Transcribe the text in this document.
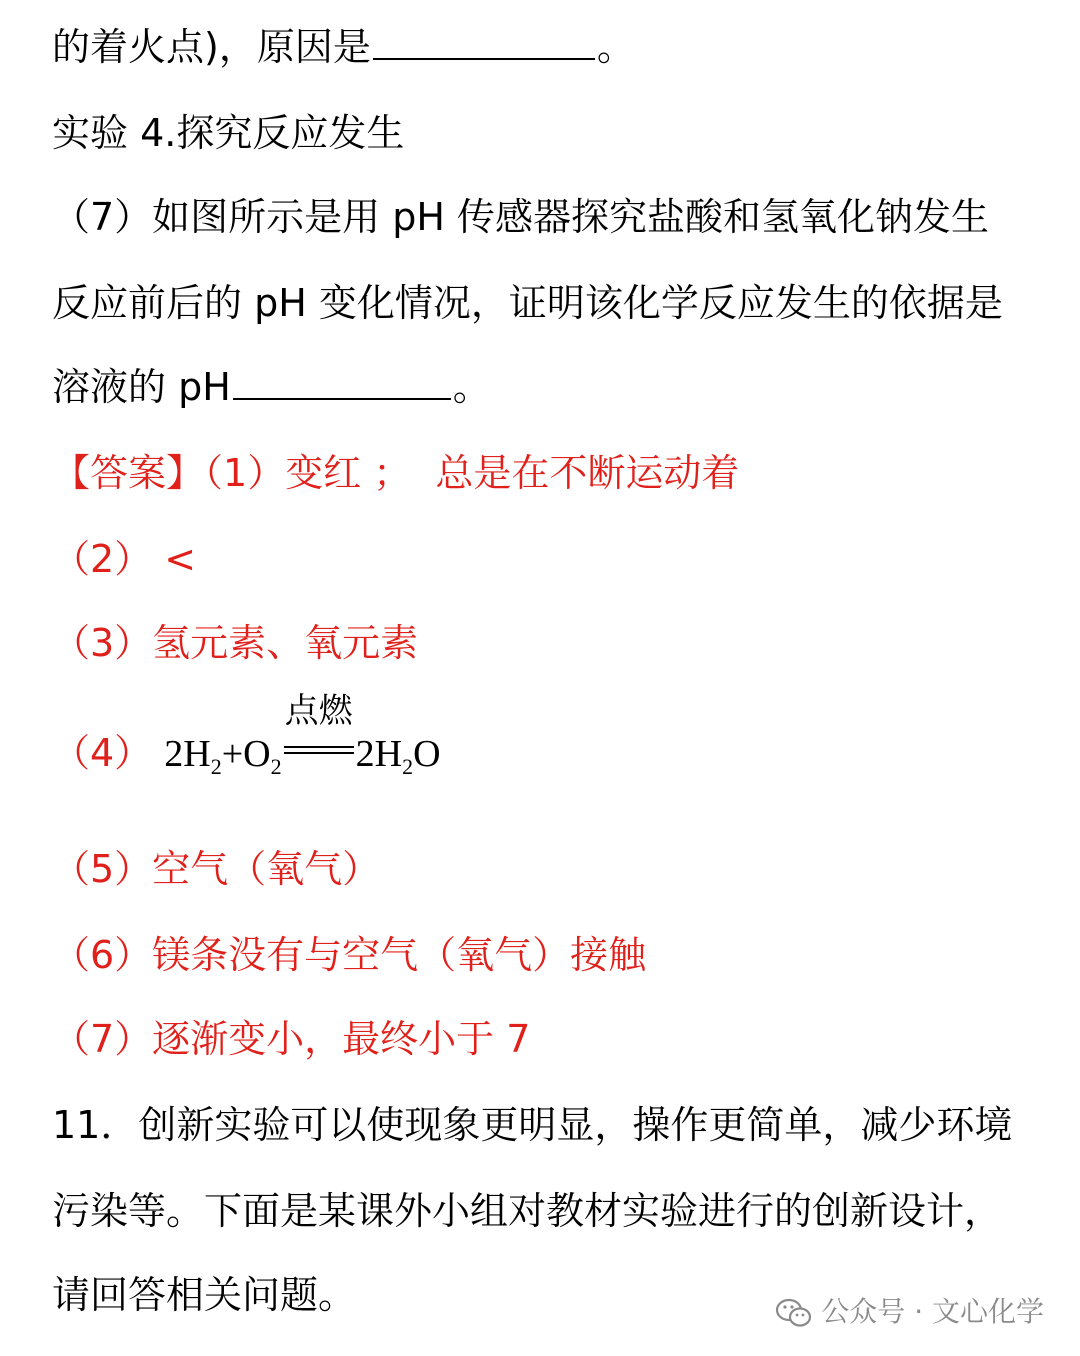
的着火点)，原因是	。
实验 4.探究反应发生
（7）如图所示是用 pH 传感器探究盐酸和氢氧化钠发生
反应前后的 pH 变化情况，证明该化学反应发生的依据是
溶液的 pH	。
【答案】（1）变红 ；  总是在不断运动着
（2） <
（3）氢元素、氧元素
（4） $2H_2+O_2$
点燃
$2H_2O$
（5）空气（氧气）
（6）镁条没有与空气（氧气）接触
（7）逐渐变小，最终小于 7
11．创新实验可以使现象更明显，操作更简单，减少环境
污染等。下面是某课外小组对教材实验进行的创新设计，
请回答相关问题。	公众号 · 文心化学
